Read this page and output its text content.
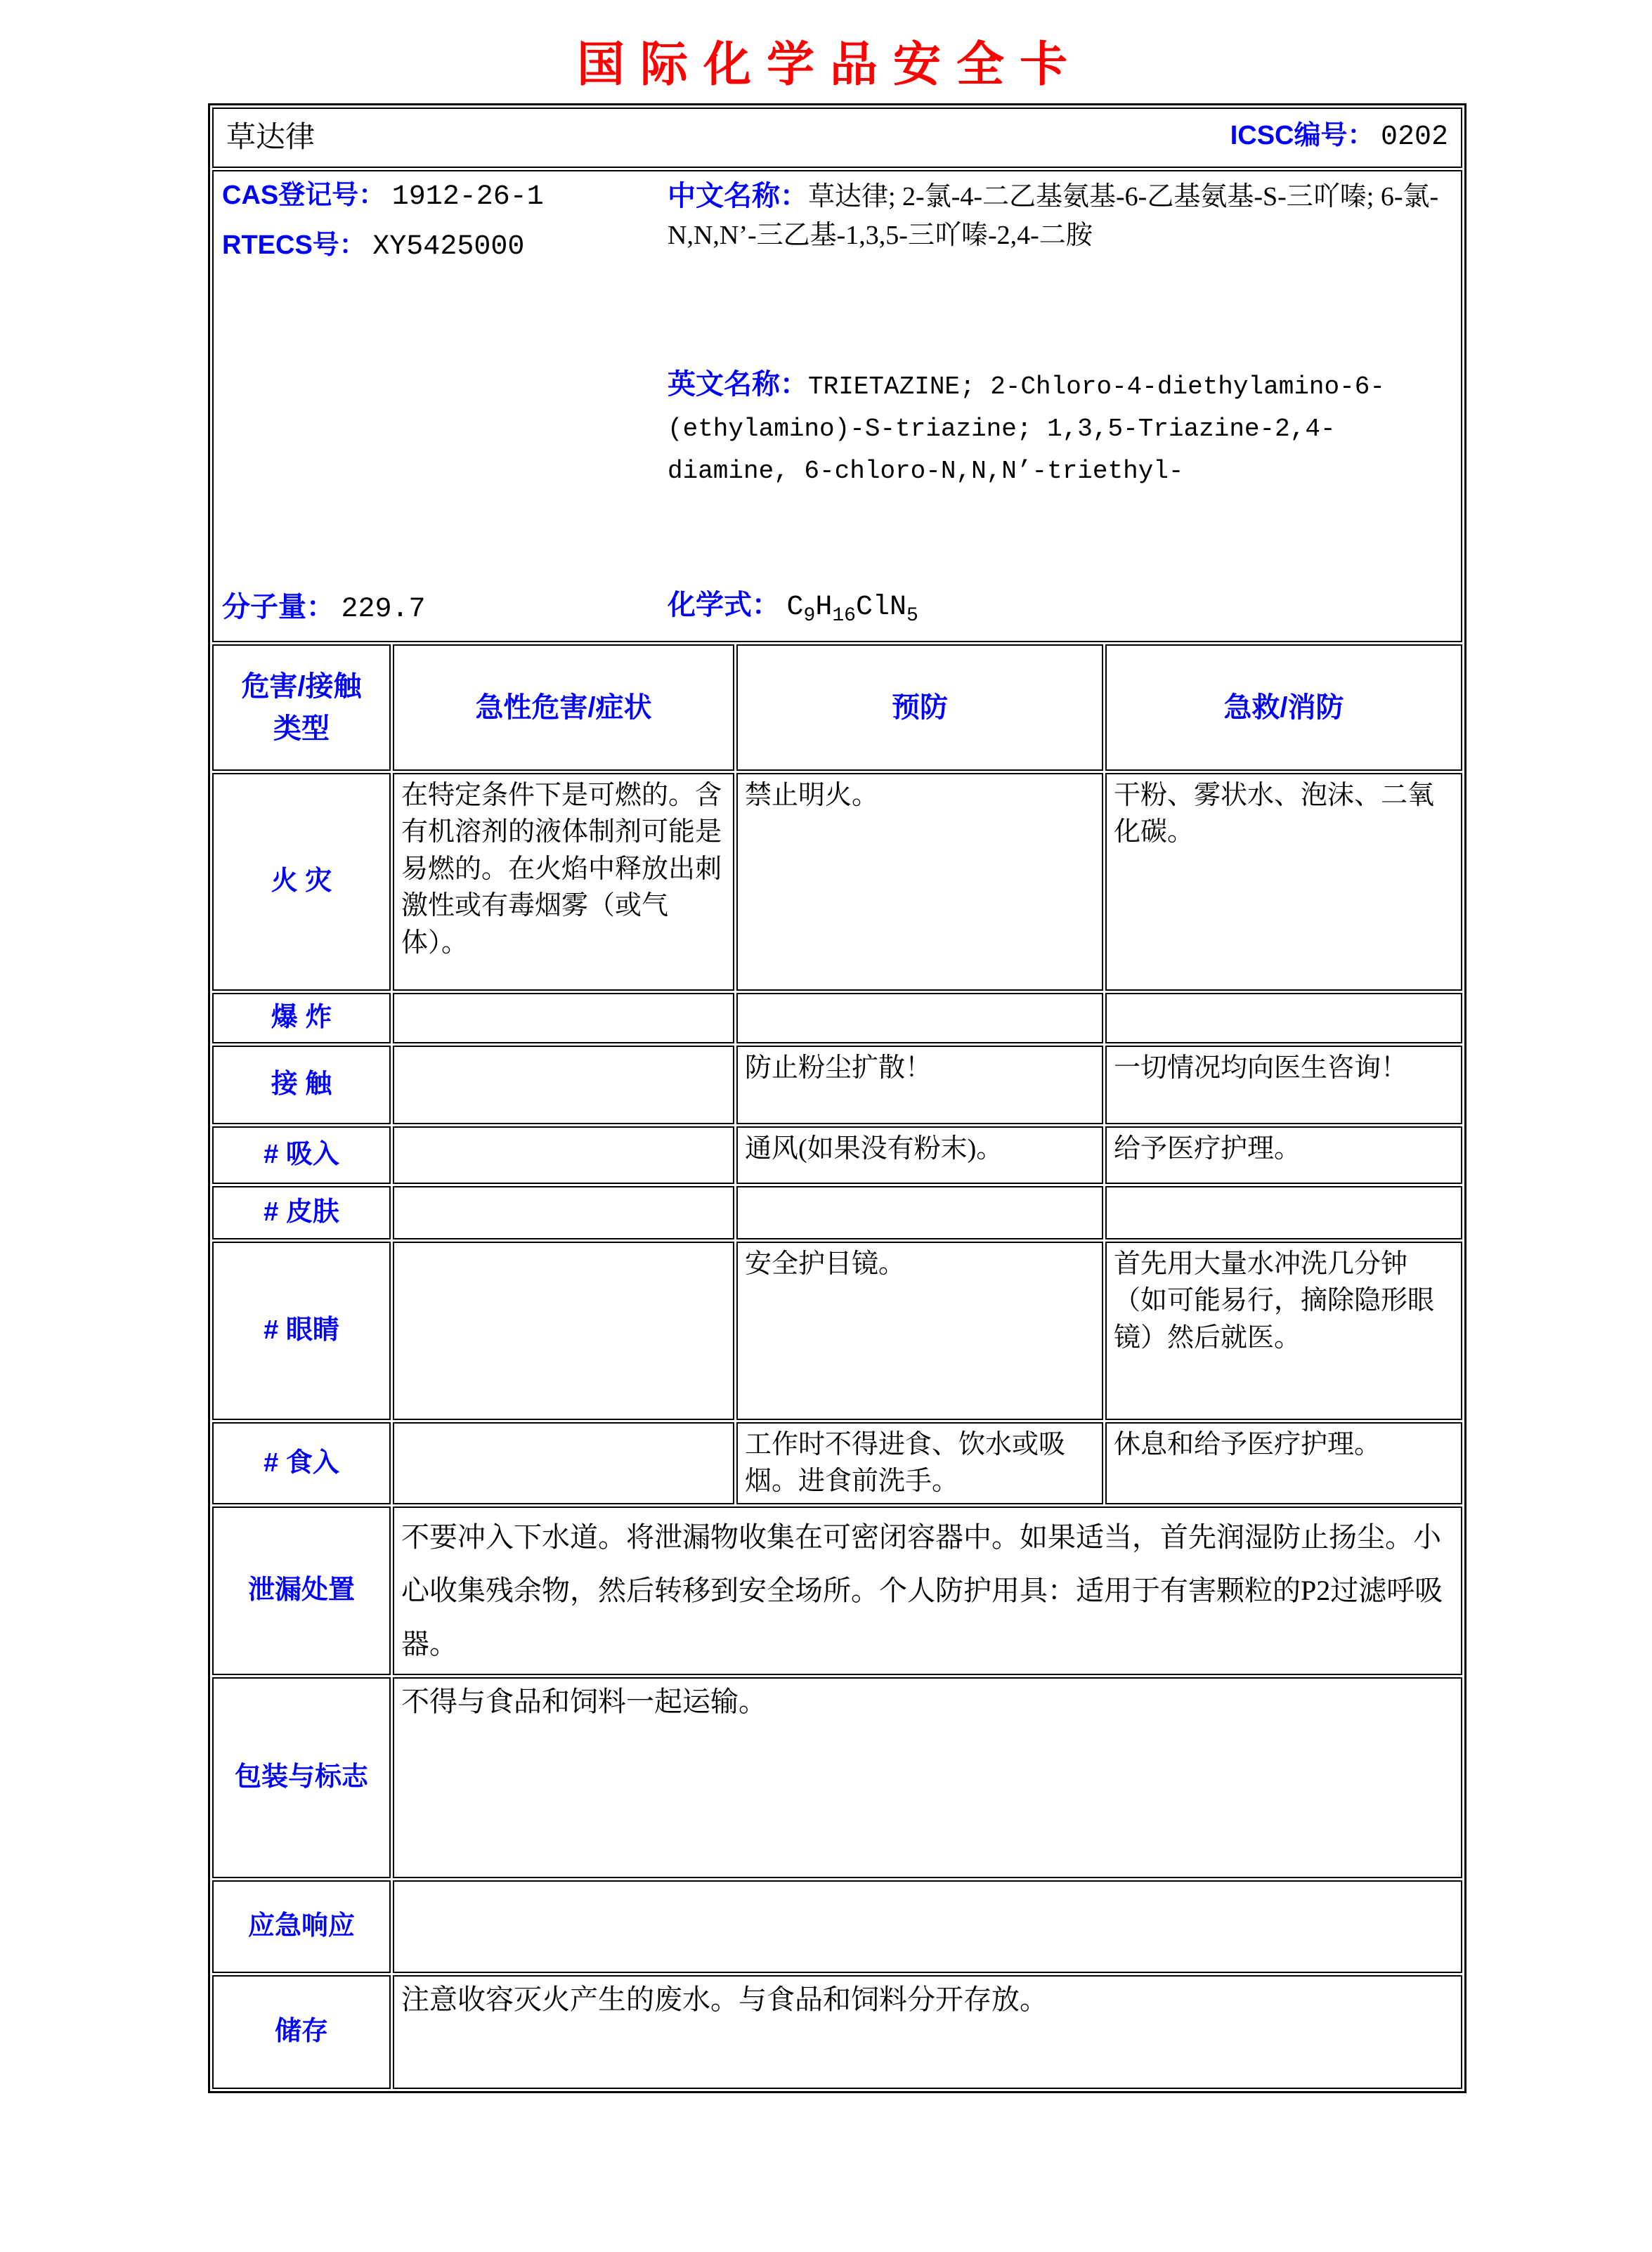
国际化学品安全卡
草达律 ICSC编号： 0202			

CAS登记号： 1912-26-1
RTECS号： XY5425000
中文名称：草达律; 2-氯-4-二乙基氨基-6-乙基氨基-S-三吖嗪; 6-氯-N,N,N’-三乙基-1,3,5-三吖嗪-2,4-二胺
英文名称：TRIETAZINE; 2-Chloro-4-diethylamino-6-(ethylamino)-S-triazine; 1,3,5-Triazine-2,4-diamine, 6-chloro-N,N,N’-triethyl-
分子量： 229.7	化学式： $C_9H_{16}ClN_5$

危害/接触
类型	急性危害/症状	预防	急救/消防
火 灾	在特定条件下是可燃的。含有机溶剂的液体制剂可能是易燃的。在火焰中释放出刺激性或有毒烟雾（或气体）。	禁止明火。	干粉、雾状水、泡沫、二氧化碳。
爆 炸			
接 触		防止粉尘扩散！	一切情况均向医生咨询！
# 吸入		通风(如果没有粉末)。	给予医疗护理。
# 皮肤			
# 眼睛		安全护目镜。	首先用大量水冲洗几分钟（如可能易行，摘除隐形眼镜）然后就医。
# 食入		工作时不得进食、饮水或吸烟。进食前洗手。	休息和给予医疗护理。
泄漏处置	不要冲入下水道。将泄漏物收集在可密闭容器中。如果适当，首先润湿防止扬尘。小心收集残余物，然后转移到安全场所。个人防护用具：适用于有害颗粒的P2过滤呼吸器。		
包装与标志	不得与食品和饲料一起运输。		
应急响应			
储存	注意收容灭火产生的废水。与食品和饲料分开存放。		
